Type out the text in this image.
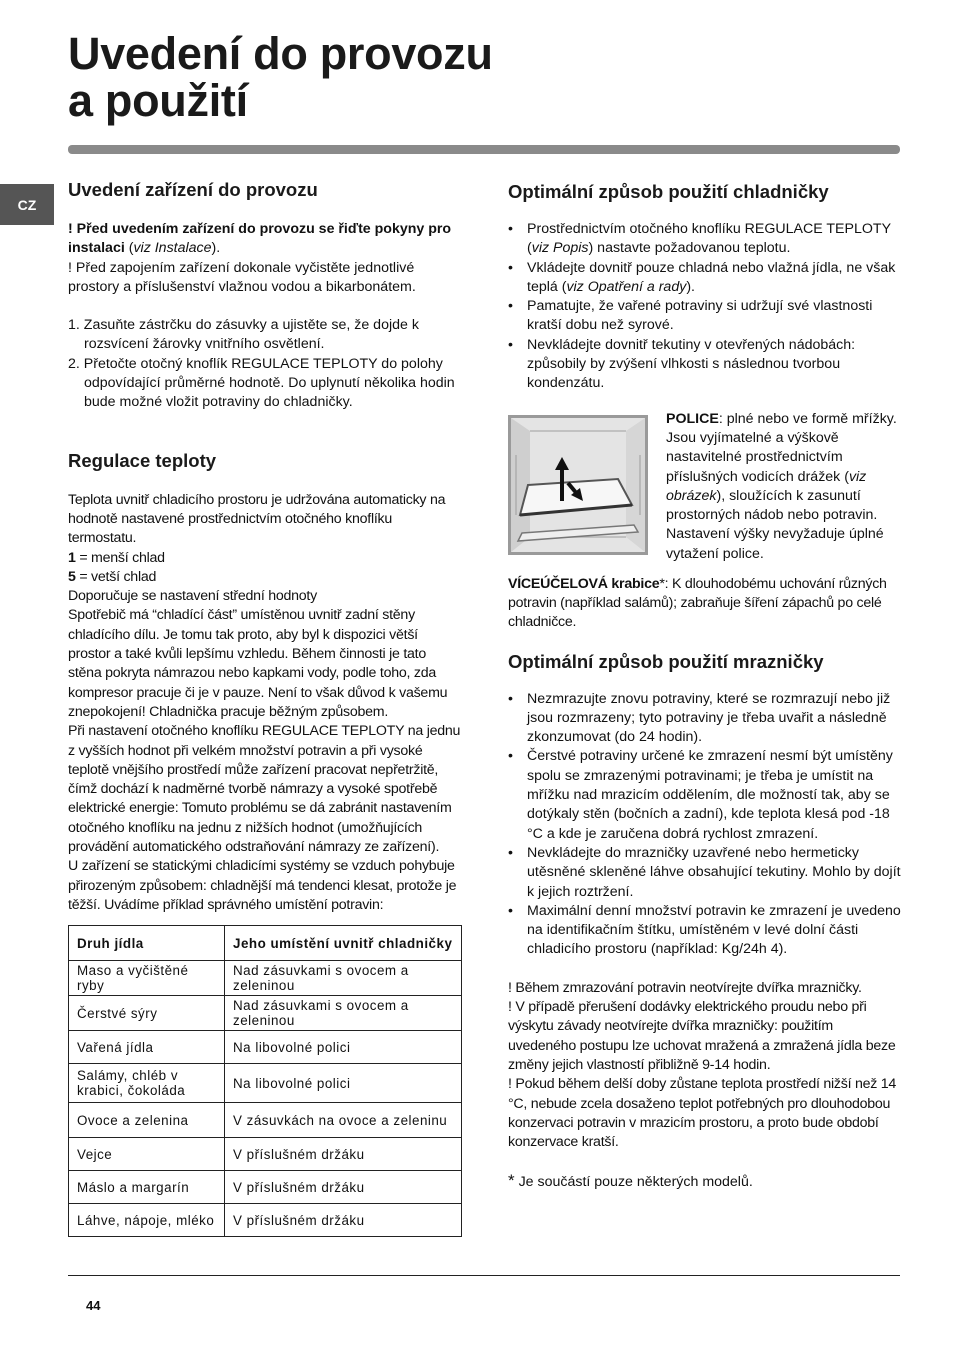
Uvedení do provozu
a použití
CZ
Uvedení zařízení do provozu

! Před uvedením zařízení do provozu se řiďte pokyny pro instalaci (viz Instalace).

! Před zapojením zařízení dokonale vyčistěte jednotlivé prostory a příslušenství vlažnou vodou a bikarbonátem.

1. Zasuňte zástrčku do zásuvky a ujistěte se, že dojde k rozsvícení žárovky vnitřního osvětlení.
2. Přetočte otočný knoflík REGULACE TEPLOTY do polohy odpovídající průměrné hodnotě. Do uplynutí několika hodin bude možné vložit potraviny do chladničky.
Regulace teploty

Teplota uvnitř chladicího prostoru je udržována automaticky na hodnotě nastavené prostřednictvím otočného knoflíku termostatu.

1 = menší chlad

5 = vetší chlad

Doporučuje se nastavení střední hodnoty

Spotřebič má “chladící část” umístěnou uvnitř zadní stěny chladícího dílu. Je tomu tak proto, aby byl k dispozici větší prostor a také kvůli lepšímu vzhledu. Během činnosti je tato stěna pokryta námrazou nebo kapkami vody, podle toho, zda kompresor pracuje či je v pauze. Není to však důvod k vašemu znepokojení! Chladnička pracuje běžným způsobem.

Při nastavení otočného knoflíku REGULACE TEPLOTY na jednu z vyšších hodnot při velkém množství potravin a při vysoké teplotě vnějšího prostředí může zařízení pracovat nepřetržitě, čímž dochází k nadměrné tvorbě námrazy a vysoké spotřebě elektrické energie: Tomuto problému se dá zabránit nastavením otočného knoflíku na jednu z nižších hodnot (umožňujících provádění automatického odstraňování námrazy ze zařízení).

U zařízení se statickými chladicími systémy se vzduch pohybuje přirozeným způsobem: chladnější má tendenci klesat, protože je těžší. Uvádíme příklad správného umístění potravin:

Druh jídla	Jeho umístění uvnitř chladničky
Maso a vyčištěné ryby	Nad zásuvkami s ovocem a zeleninou
Čerstvé sýry	Nad zásuvkami s ovocem a zeleninou
Vařená jídla	Na libovolné polici
Salámy, chléb v krabici, čokoláda	Na libovolné polici
Ovoce a zelenina	V zásuvkách na ovoce a zeleninu
Vejce	V příslušném držáku
Máslo a margarín	V příslušném držáku
Láhve, nápoje, mléko	V příslušném držáku
Optimální způsob použití chladničky
• Prostřednictvím otočného knoflíku REGULACE TEPLOTY (viz Popis) nastavte požadovanou teplotu.
• Vkládejte dovnitř pouze chladná nebo vlažná jídla, ne však teplá (viz Opatření a rady).
• Pamatujte, že vařené potraviny si udržují své vlastnosti kratší dobu než syrové.
• Nevkládejte dovnitř tekutiny v otevřených nádobách: způsobily by zvýšení vlhkosti s následnou tvorbou kondenzátu.

POLICE: plné nebo ve formě mřížky.
Jsou vyjímatelné a výškově nastavitelné prostřednictvím příslušných vodicích drážek (viz obrázek), sloužících k zasunutí prostorných nádob nebo potravin. Nastavení výšky nevyžaduje úplné vytažení police.

VÍCEÚČELOVÁ krabice*: K dlouhodobému uchování různých potravin (například salámů); zabraňuje šíření zápachů po celé chladničce.

Optimální způsob použití mrazničky
• Nezmrazujte znovu potraviny, které se rozmrazují nebo již jsou rozmrazeny; tyto potraviny je třeba uvařit a následně zkonzumovat (do 24 hodin).
• Čerstvé potraviny určené ke zmrazení nesmí být umístěny spolu se zmrazenými potravinami; je třeba je umístit na mřížku nad mrazicím oddělením, dle možností tak, aby se dotýkaly stěn (bočních a zadní), kde teplota klesá pod -18 °C a kde je zaručena dobrá rychlost zmrazení.
• Nevkládejte do mrazničky uzavřené nebo hermeticky utěsněné skleněné láhve obsahující tekutiny. Mohlo by dojít k jejich roztržení.
• Maximální denní množství potravin ke zmrazení je uvedeno na identifikačním štítku, umístěném v levé dolní části chladicího prostoru (například: Kg/24h 4).

! Během zmrazování potravin neotvírejte dvířka mrazničky.

! V případě přerušení dodávky elektrického proudu nebo při výskytu závady neotvírejte dvířka mrazničky: použitím uvedeného postupu lze uchovat mražená a zmražená jídla beze změny jejich vlastností přibližně 9-14 hodin.

! Pokud během delší doby zůstane teplota prostředí nižší než 14 °C, nebude zcela dosaženo teplot potřebných pro dlouhodobou konzervaci potravin v mrazicím prostoru, a proto bude období konzervace kratší.

* Je součástí pouze některých modelů.

44
